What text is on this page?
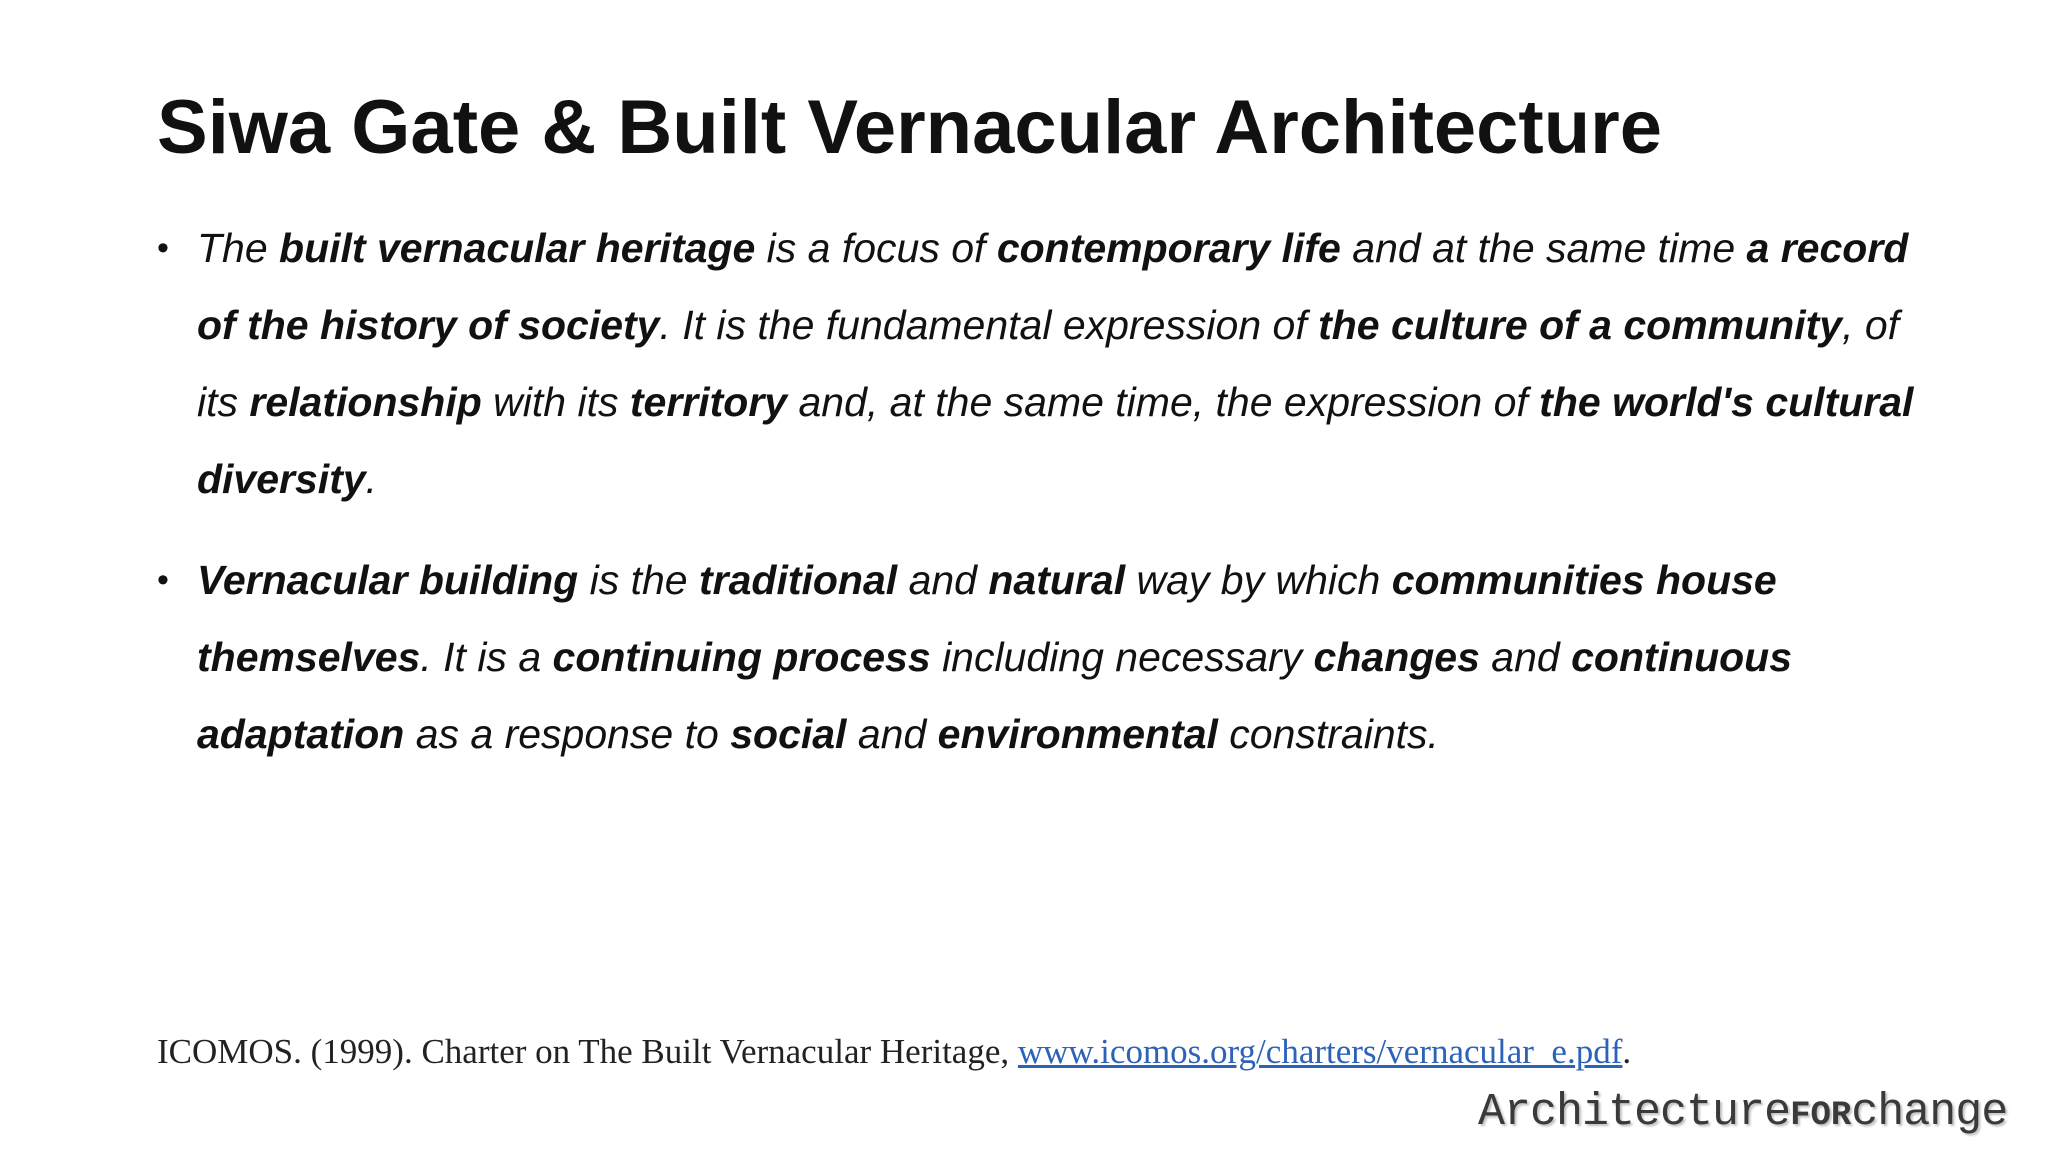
Siwa Gate & Built Vernacular Architecture
• The built vernacular heritage is a focus of contemporary life and at the same time a record of the history of society. It is the fundamental expression of the culture of a community, of its relationship with its territory and, at the same time, the expression of the world's cultural diversity.
• Vernacular building is the traditional and natural way by which communities house themselves. It is a continuing process including necessary changes and continuous adaptation as a response to social and environmental constraints.
ICOMOS. (1999). Charter on The Built Vernacular Heritage, www.icomos.org/charters/vernacular_e.pdf.
ArchitectureFORchange
